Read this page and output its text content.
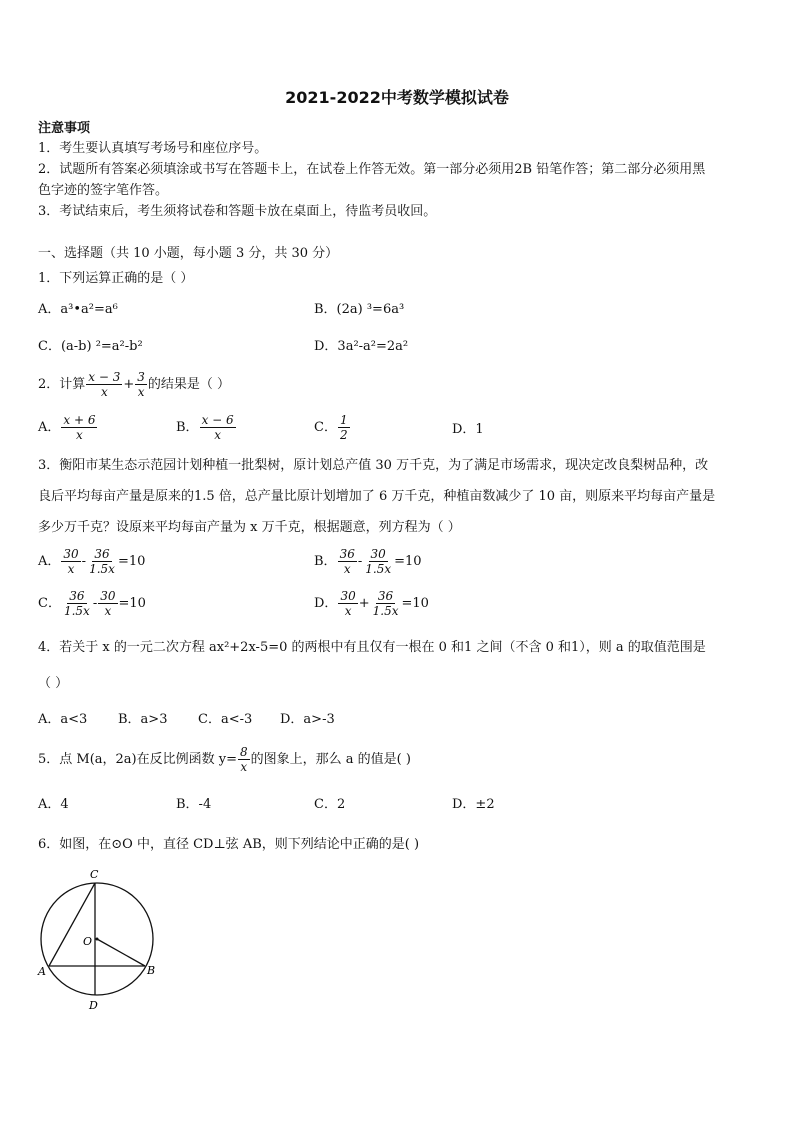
2021-2022中考数学模拟试卷
注意事项
1．考生要认真填写考场号和座位序号。
2．试题所有答案必须填涂或书写在答题卡上，在试卷上作答无效。第一部分必须用2B 铅笔作答；第二部分必须用黑
色字迹的签字笔作答。
3．考试结束后，考生须将试卷和答题卡放在桌面上，待监考员收回。
一、选择题（共 10 小题，每小题 3 分，共 30 分）
1．下列运算正确的是（ ）
A．a³•a²=a⁶	B．(2a) ³=6a³
C．(a-b) ²=a²-b²	D．3a²-a²=2a²
2．计算 $\frac{x - 3}{x} + \frac{3}{x}$ 的结果是（ ）
A． $\frac{x + 6}{x}$	B． $\frac{x - 6}{x}$	C． $\frac{1}{2}$	D．1
3．衡阳市某生态示范园计划种植一批梨树，原计划总产值 30 万千克，为了满足市场需求，现决定改良梨树品种，改
良后平均每亩产量是原来的1.5 倍，总产量比原计划增加了 6 万千克，种植亩数减少了 10 亩，则原来平均每亩产量是
多少万千克？设原来平均每亩产量为 x 万千克，根据题意，列方程为（ ）
A． $\frac{30}{x} - \frac{36}{1.5x} =10$	B． $\frac{36}{x} - \frac{30}{1.5x} =10$
C． $\frac{36}{1.5x} - \frac{30}{x} =10$	D． $\frac{30}{x} + \frac{36}{1.5x} =10$
4．若关于 x 的一元二次方程 ax²+2x-5=0 的两根中有且仅有一根在 0 和1 之间（不含 0 和1），则 a 的取值范围是
（ ）
A．a<3 B．a>3 C．a<-3 D．a>-3
5．点 M(a，2a)在反比例函数 $y= \frac{8}{x}$ 的图象上，那么 a 的值是( )
A．4	B．-4	C．2	D．±2
6．如图，在⊙O 中，直径 CD⊥弦 AB，则下列结论中正确的是( )
C
O
A	B
D
